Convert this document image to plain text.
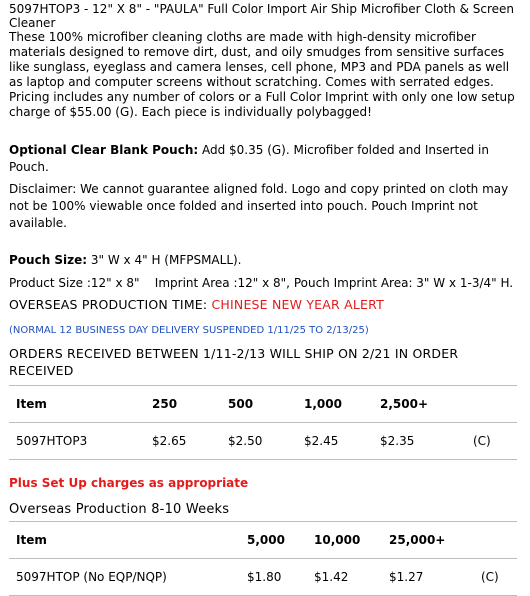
5097HTOP3 - 12" X 8" - "PAULA" Full Color Import Air Ship Microfiber Cloth & Screen Cleaner

These 100% microfiber cleaning cloths are made with high-density microfiber materials designed to remove dirt, dust, and oily smudges from sensitive surfaces like sunglass, eyeglass and camera lenses, cell phone, MP3 and PDA panels as well as laptop and computer screens without scratching. Comes with serrated edges. Pricing includes any number of colors or a Full Color Imprint with only one low setup charge of $55.00 (G). Each piece is individually polybagged!

Optional Clear Blank Pouch: Add $0.35 (G). Microfiber folded and Inserted in Pouch.

Disclaimer: We cannot guarantee aligned fold. Logo and copy printed on cloth may not be 100% viewable once folded and inserted into pouch. Pouch Imprint not available.

Pouch Size: 3" W x 4" H (MFPSMALL).

Product Size :12" x 8"    Imprint Area :12" x 8", Pouch Imprint Area: 3" W x 1-3/4" H.

OVERSEAS PRODUCTION TIME: CHINESE NEW YEAR ALERT

(NORMAL 12 BUSINESS DAY DELIVERY SUSPENDED 1/11/25 TO 2/13/25)

ORDERS RECEIVED BETWEEN 1/11-2/13 WILL SHIP ON 2/21 IN ORDER RECEIVED

Item	250	500	1,000	2,500+
5097HTOP3	$2.65	$2.50	$2.45	$2.35	(C)

Plus Set Up charges as appropriate

Overseas Production 8-10 Weeks

Item	5,000 10,000 25,000+
5097HTOP (No EQP/NQP)	$1.80	$1.42	$1.27	(C)
